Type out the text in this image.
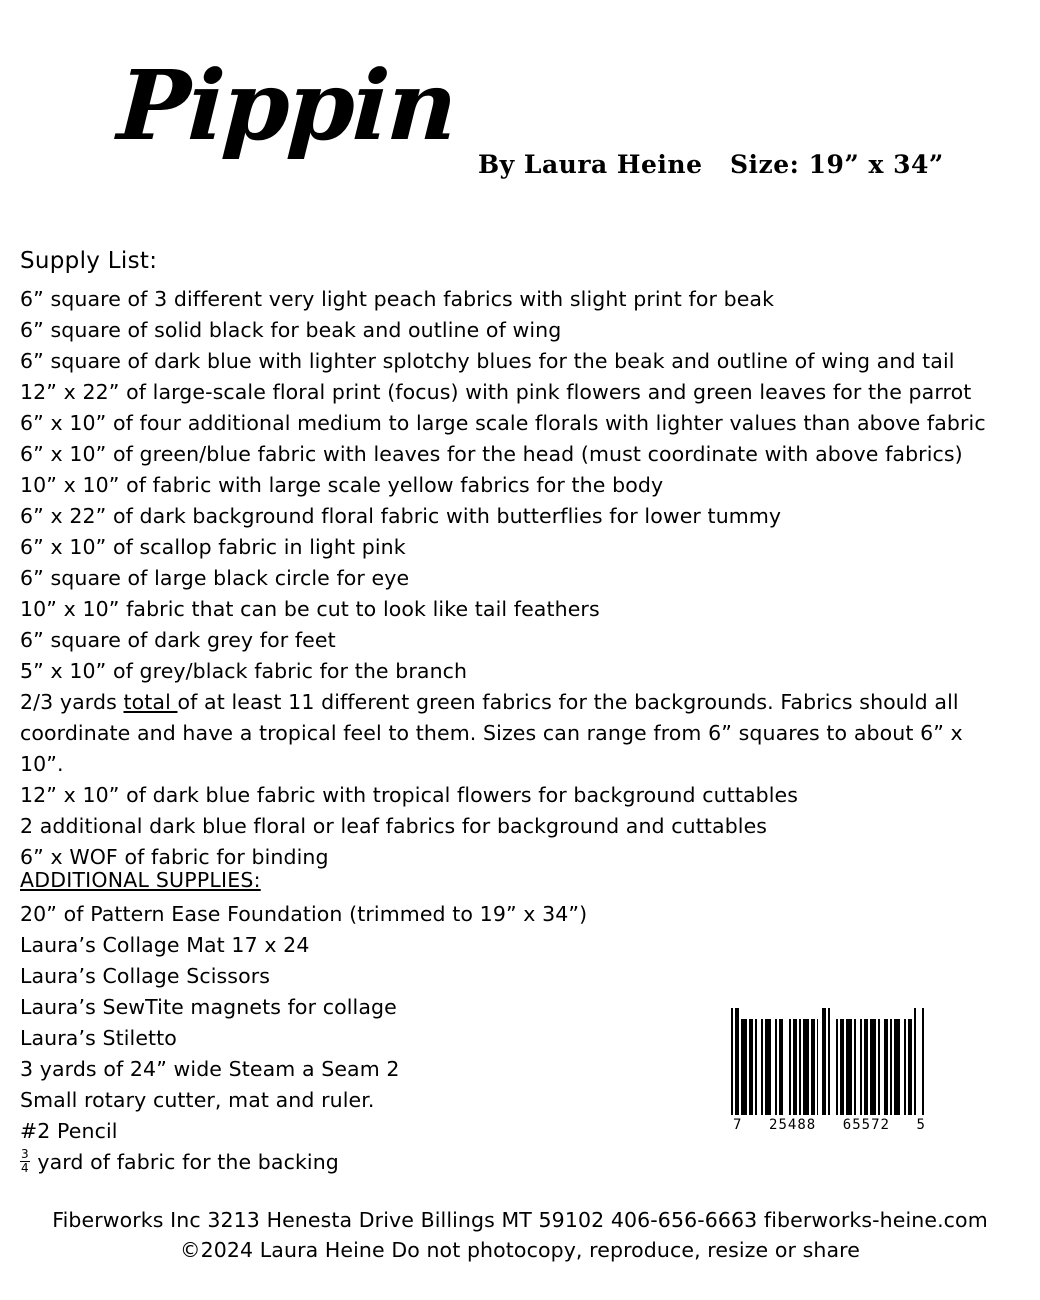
Pippin
By Laura Heine Size: 19” x 34”
Supply List:
6” square of 3 different very light peach fabrics with slight print for beak
6” square of solid black for beak and outline of wing
6” square of dark blue with lighter splotchy blues for the beak and outline of wing and tail
12” x 22” of large-scale floral print (focus) with pink flowers and green leaves for the parrot
6” x 10” of four additional medium to large scale florals with lighter values than above fabric
6” x 10” of green/blue fabric with leaves for the head (must coordinate with above fabrics)
10” x 10” of fabric with large scale yellow fabrics for the body
6” x 22” of dark background floral fabric with butterflies for lower tummy
6” x 10” of scallop fabric in light pink
6” square of large black circle for eye
10” x 10” fabric that can be cut to look like tail feathers
6” square of dark grey for feet
5” x 10” of grey/black fabric for the branch
2/3 yards total of at least 11 different green fabrics for the backgrounds. Fabrics should all coordinate and have a tropical feel to them. Sizes can range from 6” squares to about 6” x 10”.
12” x 10” of dark blue fabric with tropical flowers for background cuttables
2 additional dark blue floral or leaf fabrics for background and cuttables
6” x WOF of fabric for binding
ADDITIONAL SUPPLIES:
20” of Pattern Ease Foundation (trimmed to 19” x 34”)
Laura’s Collage Mat 17 x 24
Laura’s Collage Scissors
Laura’s SewTite magnets for collage
Laura’s Stiletto
3 yards of 24” wide Steam a Seam 2
Small rotary cutter, mat and ruler.
#2 Pencil
$\frac{3}{4}$ yard of fabric for the backing
7 25488 65572 5
Fiberworks Inc 3213 Henesta Drive Billings MT 59102 406-656-6663 fiberworks-heine.com
©2024 Laura Heine Do not photocopy, reproduce, resize or share
